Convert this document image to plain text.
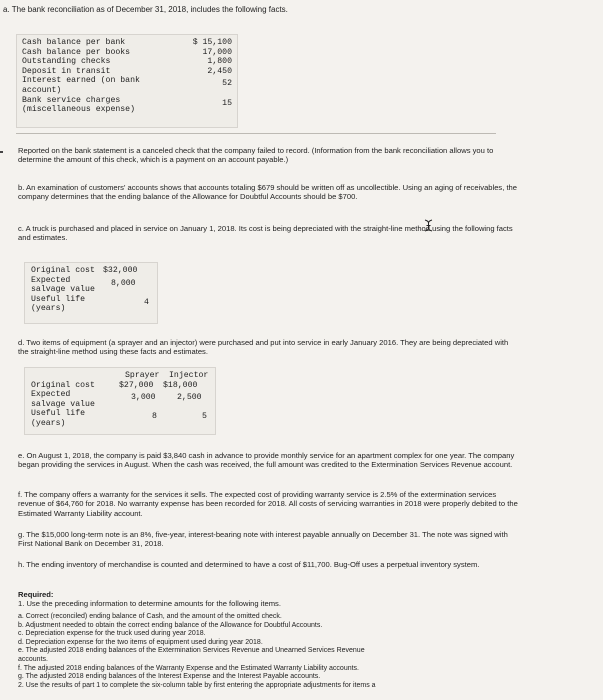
a. The bank reconciliation as of December 31, 2018, includes the following facts.
Cash balance per bank	$ 15,100
Cash balance per books	17,000
Outstanding checks	1,800
Deposit in transit	2,450
Interest earned (on bank	52
account)
Bank service charges	15
(miscellaneous expense)
Reported on the bank statement is a canceled check that the company failed to record. (Information from the bank reconciliation allows you to determine the amount of this check, which is a payment on an account payable.)
b. An examination of customers' accounts shows that accounts totaling $679 should be written off as uncollectible. Using an aging of receivables, the company determines that the ending balance of the Allowance for Doubtful Accounts should be $700.
c. A truck is purchased and placed in service on January 1, 2018. Its cost is being depreciated with the straight-line method using the following facts and estimates.
Original cost $32,000
Expected	8,000
salvage value
Useful life	4
(years)
d. Two items of equipment (a sprayer and an injector) were purchased and put into service in early January 2016. They are being depreciated with the straight-line method using these facts and estimates.
Sprayer Injector
Original cost	$27,000 $18,000
Expected	3,000	2,500
salvage value
Useful life	8	5
(years)
e. On August 1, 2018, the company is paid $3,840 cash in advance to provide monthly service for an apartment complex for one year. The company began providing the services in August. When the cash was received, the full amount was credited to the Extermination Services Revenue account.
f. The company offers a warranty for the services it sells. The expected cost of providing warranty service is 2.5% of the extermination services revenue of $64,760 for 2018. No warranty expense has been recorded for 2018. All costs of servicing warranties in 2018 were properly debited to the Estimated Warranty Liability account.
g. The $15,000 long-term note is an 8%, five-year, interest-bearing note with interest payable annually on December 31. The note was signed with First National Bank on December 31, 2018.
h. The ending inventory of merchandise is counted and determined to have a cost of $11,700. Bug-Off uses a perpetual inventory system.
Required:
1. Use the preceding information to determine amounts for the following items.
a. Correct (reconciled) ending balance of Cash, and the amount of the omitted check.
b. Adjustment needed to obtain the correct ending balance of the Allowance for Doubtful Accounts.
c. Depreciation expense for the truck used during year 2018.
d. Depreciation expense for the two items of equipment used during year 2018.
e. The adjusted 2018 ending balances of the Extermination Services Revenue and Unearned Services Revenue
accounts.
f. The adjusted 2018 ending balances of the Warranty Expense and the Estimated Warranty Liability accounts.
g. The adjusted 2018 ending balances of the Interest Expense and the Interest Payable accounts.
2. Use the results of part 1 to complete the six-column table by first entering the appropriate adjustments for items a
